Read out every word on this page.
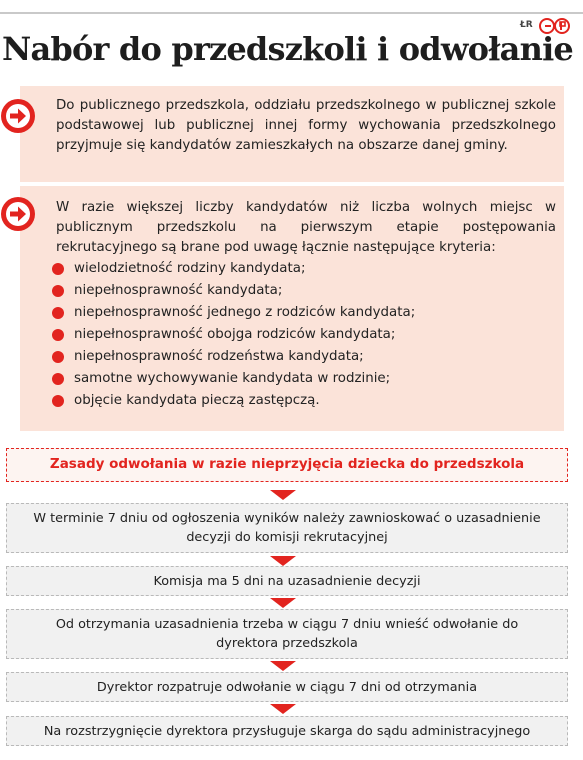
ŁR
Nabór do przedszkoli i odwołanie

Do publicznego przedszkola, oddziału przedszkolnego w publicznej szkole podstawowej lub publicznej innej formy wychowania przedszkolnego przyjmuje się kandydatów zamieszkałych na obszarze danej gminy.

W razie większej liczby kandydatów niż liczba wolnych miejsc w publicznym przedszkolu na pierwszym etapie postępowania rekrutacyjnego są brane pod uwagę łącznie następujące kryteria:

wielodzietność rodziny kandydata;
niepełnosprawność kandydata;
niepełnosprawność jednego z rodziców kandydata;
niepełnosprawność obojga rodziców kandydata;
niepełnosprawność rodzeństwa kandydata;
samotne wychowywanie kandydata w rodzinie;
objęcie kandydata pieczą zastępczą.
Zasady odwołania w razie nieprzyjęcia dziecka do przedszkola
W terminie 7 dniu od ogłoszenia wyników należy zawnioskować o uzasadnienie decyzji do komisji rekrutacyjnej
Komisja ma 5 dni na uzasadnienie decyzji
Od otrzymania uzasadnienia trzeba w ciągu 7 dniu wnieść odwołanie do dyrektora przedszkola
Dyrektor rozpatruje odwołanie w ciągu 7 dni od otrzymania
Na rozstrzygnięcie dyrektora przysługuje skarga do sądu administracyjnego
